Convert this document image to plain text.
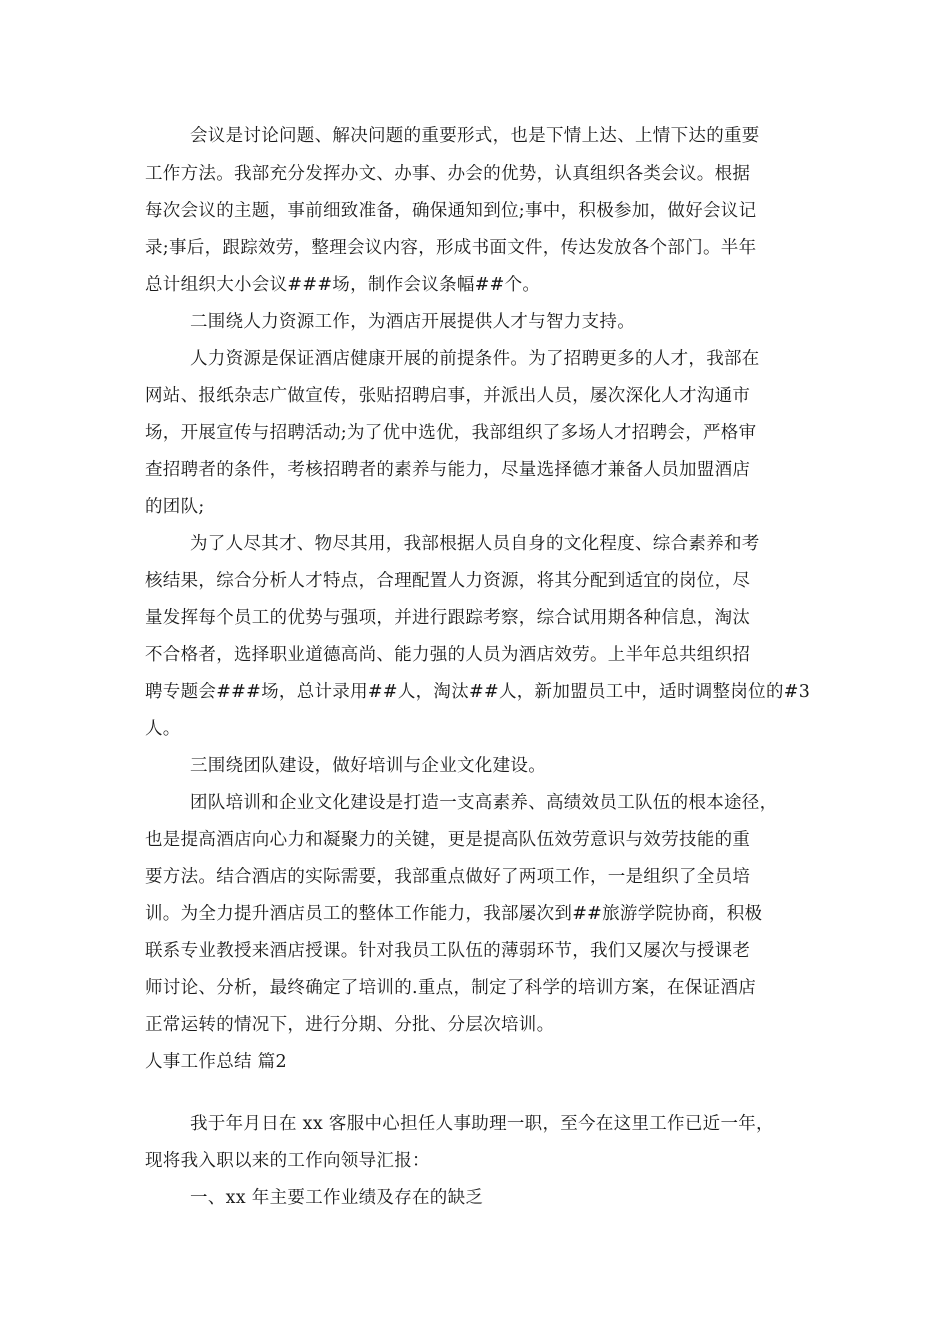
会议是讨论问题、解决问题的重要形式，也是下情上达、上情下达的重要
工作方法。我部充分发挥办文、办事、办会的优势，认真组织各类会议。根据
每次会议的主题，事前细致准备，确保通知到位;事中，积极参加，做好会议记
录;事后，跟踪效劳，整理会议内容，形成书面文件，传达发放各个部门。半年
总计组织大小会议###场，制作会议条幅##个。
二围绕人力资源工作，为酒店开展提供人才与智力支持。
人力资源是保证酒店健康开展的前提条件。为了招聘更多的人才，我部在
网站、报纸杂志广做宣传，张贴招聘启事，并派出人员，屡次深化人才沟通市
场，开展宣传与招聘活动;为了优中选优，我部组织了多场人才招聘会，严格审
查招聘者的条件，考核招聘者的素养与能力，尽量选择德才兼备人员加盟酒店
的团队;
为了人尽其才、物尽其用，我部根据人员自身的文化程度、综合素养和考
核结果，综合分析人才特点，合理配置人力资源，将其分配到适宜的岗位，尽
量发挥每个员工的优势与强项，并进行跟踪考察，综合试用期各种信息，淘汰
不合格者，选择职业道德高尚、能力强的人员为酒店效劳。上半年总共组织招
聘专题会###场，总计录用##人，淘汰##人，新加盟员工中，适时调整岗位的#3
人。
三围绕团队建设，做好培训与企业文化建设。
团队培训和企业文化建设是打造一支高素养、高绩效员工队伍的根本途径，
也是提高酒店向心力和凝聚力的关键，更是提高队伍效劳意识与效劳技能的重
要方法。结合酒店的实际需要，我部重点做好了两项工作，一是组织了全员培
训。为全力提升酒店员工的整体工作能力，我部屡次到##旅游学院协商，积极
联系专业教授来酒店授课。针对我员工队伍的薄弱环节，我们又屡次与授课老
师讨论、分析，最终确定了培训的.重点，制定了科学的培训方案，在保证酒店
正常运转的情况下，进行分期、分批、分层次培训。
人事工作总结 篇2
我于年月日在 xx 客服中心担任人事助理一职，至今在这里工作已近一年，
现将我入职以来的工作向领导汇报：
一、xx 年主要工作业绩及存在的缺乏
